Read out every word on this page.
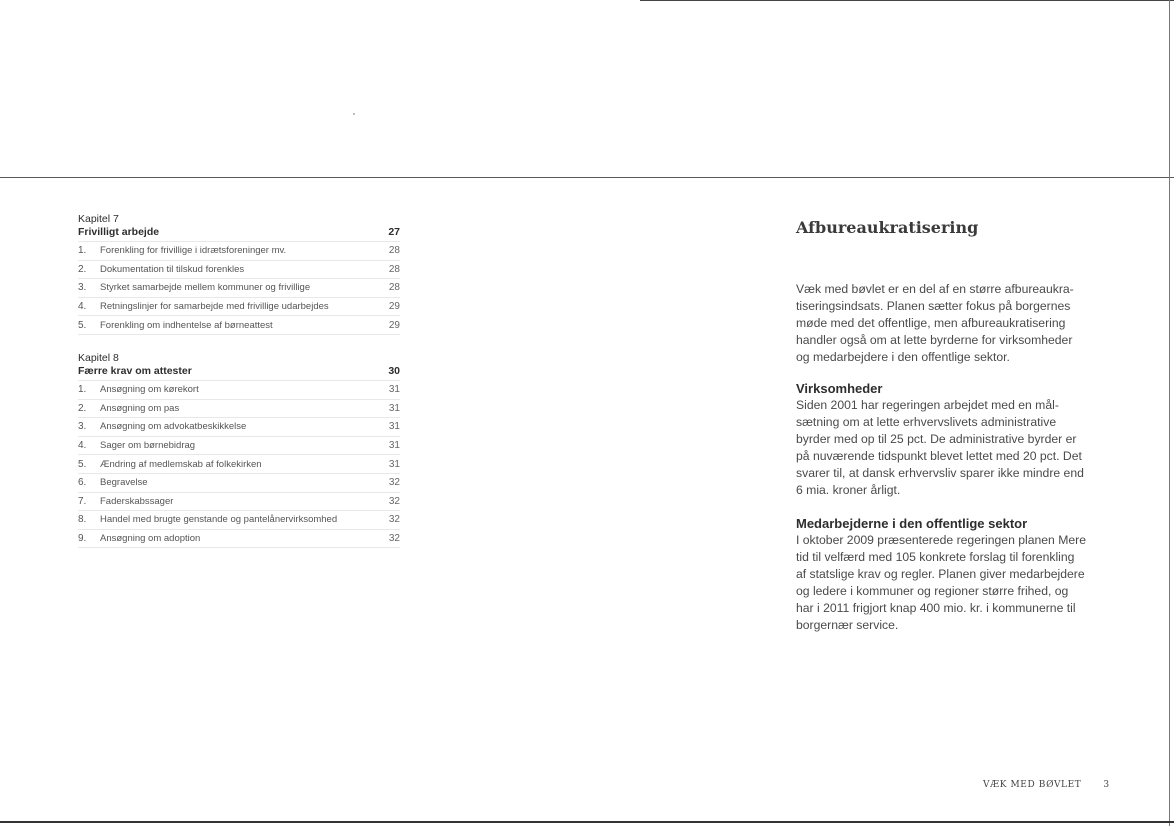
Kapitel 7
Frivilligt arbejde	27
1.	Forenkling for frivillige i idrætsforeninger mv.	28
2.	Dokumentation til tilskud forenkles	28
3.	Styrket samarbejde mellem kommuner og frivillige	28
4.	Retningslinjer for samarbejde med frivillige udarbejdes	29
5.	Forenkling om indhentelse af børneattest	29
Kapitel 8
Færre krav om attester	30
1.	Ansøgning om kørekort	31
2.	Ansøgning om pas	31
3.	Ansøgning om advokatbeskikkelse	31
4.	Sager om børnebidrag	31
5.	Ændring af medlemskab af folkekirken	31
6.	Begravelse	32
7.	Faderskabssager	32
8.	Handel med brugte genstande og pantelånervirksomhed	32
9.	Ansøgning om adoption	32
Afbureaukratisering

Væk med bøvlet er en del af en større afbureaukra-tiseringsindsats. Planen sætter fokus på borgernes møde med det offentlige, men afbureaukratisering handler også om at lette byrderne for virksomheder og medarbejdere i den offentlige sektor.

Virksomheder

Siden 2001 har regeringen arbejdet med en mål-sætning om at lette erhvervslivets administrative byrder med op til 25 pct. De administrative byrder er på nuværende tidspunkt blevet lettet med 20 pct. Det svarer til, at dansk erhvervsliv sparer ikke mindre end 6 mia. kroner årligt.

Medarbejderne i den offentlige sektor

I oktober 2009 præsenterede regeringen planen Mere tid til velfærd med 105 konkrete forslag til forenkling af statslige krav og regler. Planen giver medarbejdere og ledere i kommuner og regioner større frihed, og har i 2011 frigjort knap 400 mio. kr. i kommunerne til borgernær service.

VÆK MED BØVLET 3
